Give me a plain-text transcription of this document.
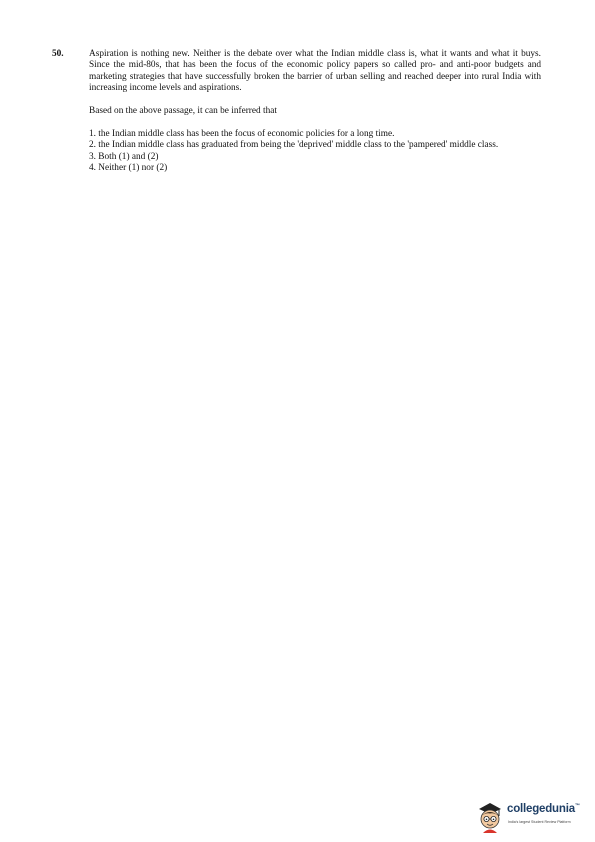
50.	Aspiration is nothing new. Neither is the debate over what the Indian middle class is, what it wants and what it buys. Since the mid-80s, that has been the focus of the economic policy papers so called pro- and anti-poor budgets and marketing strategies that have successfully broken the barrier of urban selling and reached deeper into rural India with increasing income levels and aspirations.

Based on the above passage, it can be inferred that

1. the Indian middle class has been the focus of economic policies for a long time.
2. the Indian middle class has graduated from being the 'deprived' middle class to the 'pampered' middle class.
3. Both (1) and (2)
4. Neither (1) nor (2)
collegedunia™
India's largest Student Review Platform
